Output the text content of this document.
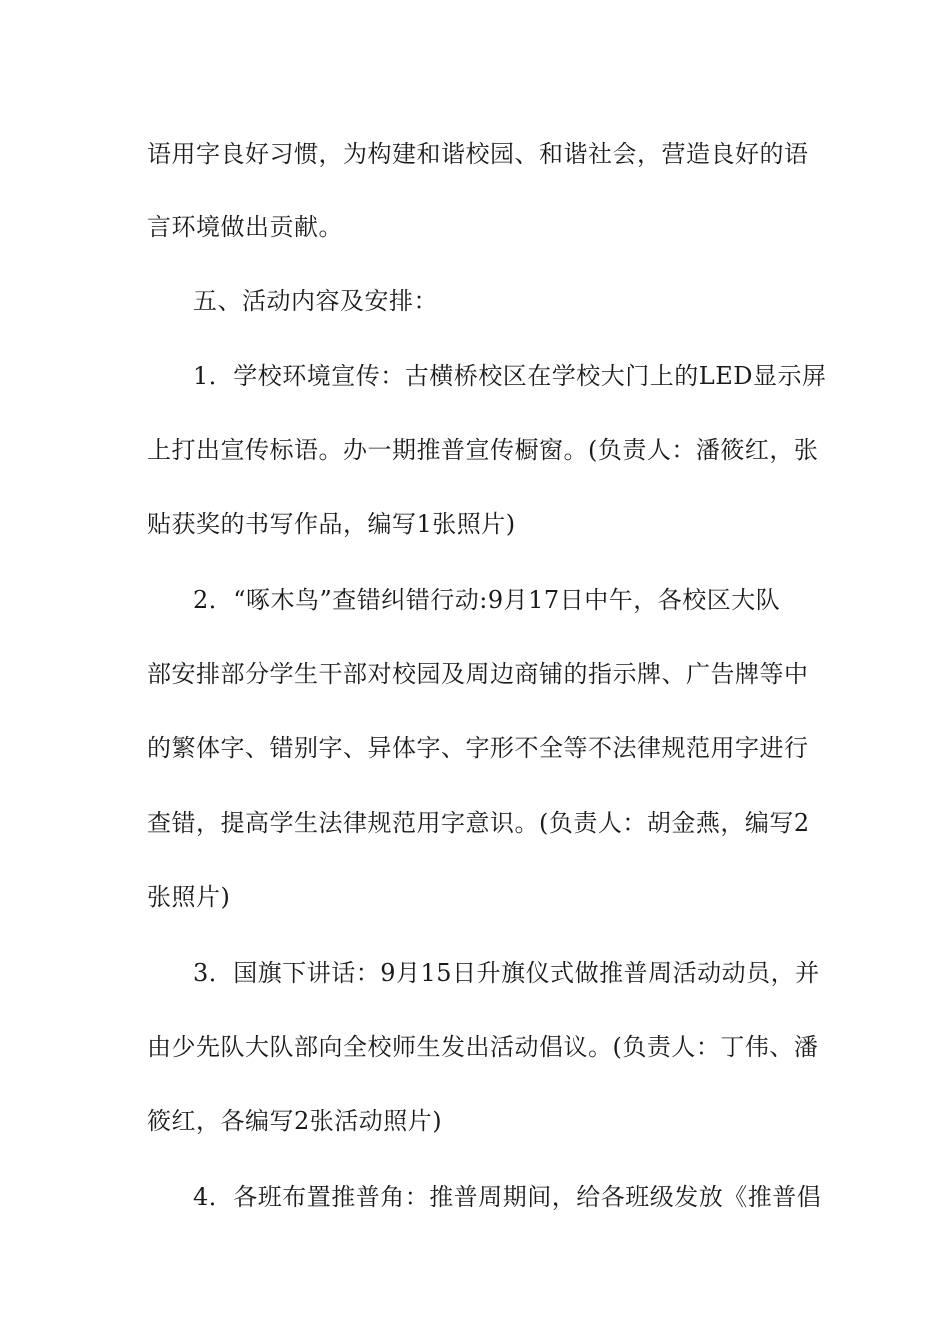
语用字良好习惯，为构建和谐校园、和谐社会，营造良好的语
言环境做出贡献。
五、活动内容及安排：
1．学校环境宣传：古横桥校区在学校大门上的LED显示屏
上打出宣传标语。办一期推普宣传橱窗。(负责人：潘筱红，张
贴获奖的书写作品，编写1张照片)
2．“啄木鸟”查错纠错行动:9月17日中午，各校区大队
部安排部分学生干部对校园及周边商铺的指示牌、广告牌等中
的繁体字、错别字、异体字、字形不全等不法律规范用字进行
查错，提高学生法律规范用字意识。(负责人：胡金燕，编写2
张照片)
3．国旗下讲话：9月15日升旗仪式做推普周活动动员，并
由少先队大队部向全校师生发出活动倡议。(负责人：丁伟、潘
筱红，各编写2张活动照片)
4．各班布置推普角：推普周期间，给各班级发放《推普倡
